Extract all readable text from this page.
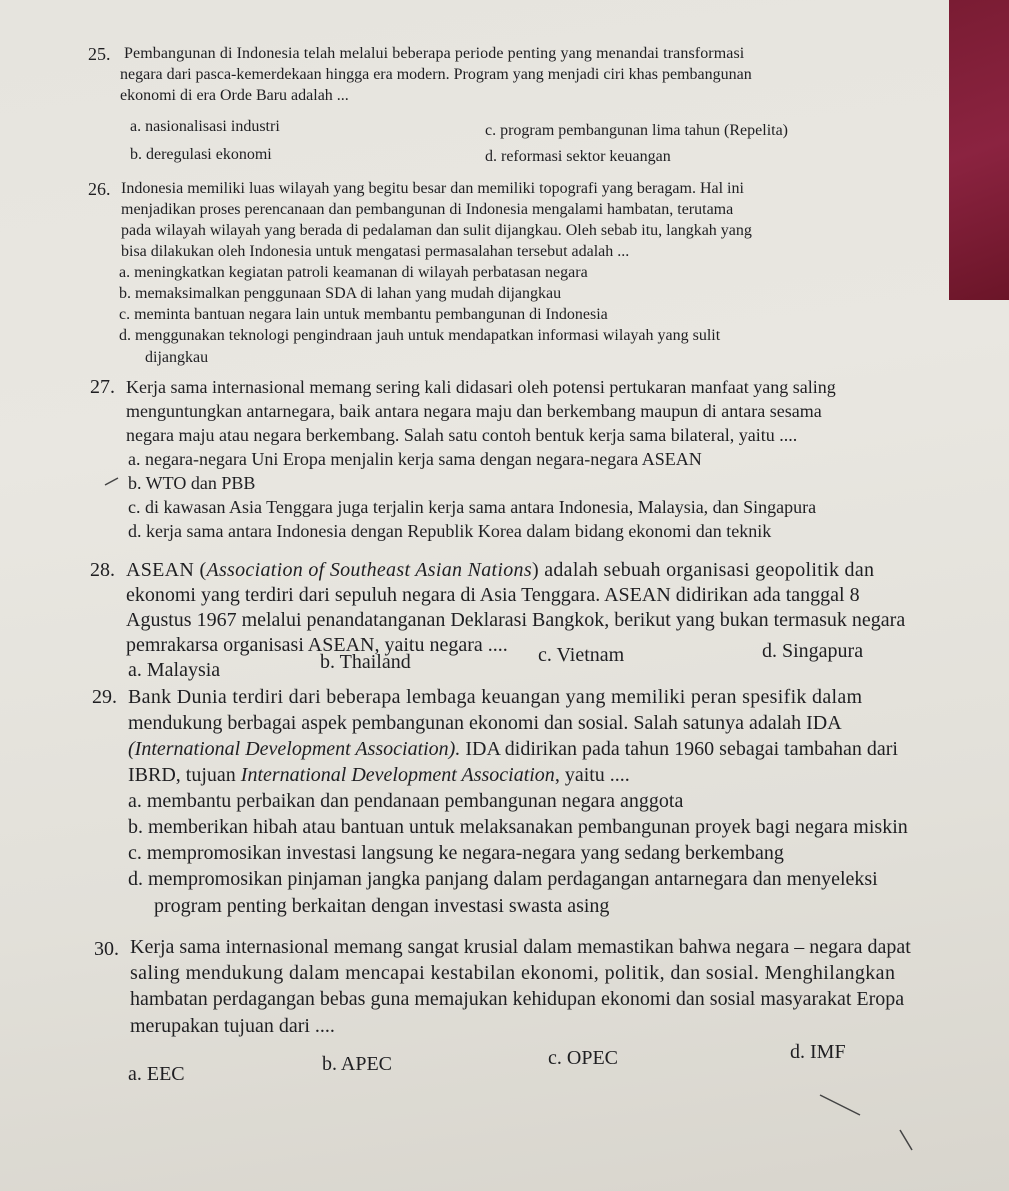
25. Pembangunan di Indonesia telah melalui beberapa periode penting yang menandai transformasi
negara dari pasca-kemerdekaan hingga era modern. Program yang menjadi ciri khas pembangunan
ekonomi di era Orde Baru adalah ...
a. nasionalisasi industri	c. program pembangunan lima tahun (Repelita)
b. deregulasi ekonomi	d. reformasi sektor keuangan
26. Indonesia memiliki luas wilayah yang begitu besar dan memiliki topografi yang beragam. Hal ini
menjadikan proses perencanaan dan pembangunan di Indonesia mengalami hambatan, terutama
pada wilayah wilayah yang berada di pedalaman dan sulit dijangkau. Oleh sebab itu, langkah yang
bisa dilakukan oleh Indonesia untuk mengatasi permasalahan tersebut adalah ...
a. meningkatkan kegiatan patroli keamanan di wilayah perbatasan negara
b. memaksimalkan penggunaan SDA di lahan yang mudah dijangkau
c. meminta bantuan negara lain untuk membantu pembangunan di Indonesia
d. menggunakan teknologi pengindraan jauh untuk mendapatkan informasi wilayah yang sulit
dijangkau
27. Kerja sama internasional memang sering kali didasari oleh potensi pertukaran manfaat yang saling
menguntungkan antarnegara, baik antara negara maju dan berkembang maupun di antara sesama
negara maju atau negara berkembang. Salah satu contoh bentuk kerja sama bilateral, yaitu ....
a. negara-negara Uni Eropa menjalin kerja sama dengan negara-negara ASEAN
b. WTO dan PBB
c. di kawasan Asia Tenggara juga terjalin kerja sama antara Indonesia, Malaysia, dan Singapura
d. kerja sama antara Indonesia dengan Republik Korea dalam bidang ekonomi dan teknik
28. ASEAN (Association of Southeast Asian Nations) adalah sebuah organisasi geopolitik dan
ekonomi yang terdiri dari sepuluh negara di Asia Tenggara. ASEAN didirikan ada tanggal 8
Agustus 1967 melalui penandatanganan Deklarasi Bangkok, berikut yang bukan termasuk negara
pemrakarsa organisasi ASEAN, yaitu negara ....
a. Malaysia	b. Thailand	c. Vietnam	d. Singapura
29. Bank Dunia terdiri dari beberapa lembaga keuangan yang memiliki peran spesifik dalam
mendukung berbagai aspek pembangunan ekonomi dan sosial. Salah satunya adalah IDA
(International Development Association). IDA didirikan pada tahun 1960 sebagai tambahan dari
IBRD, tujuan International Development Association, yaitu ....
a. membantu perbaikan dan pendanaan pembangunan negara anggota
b. memberikan hibah atau bantuan untuk melaksanakan pembangunan proyek bagi negara miskin
c. mempromosikan investasi langsung ke negara-negara yang sedang berkembang
d. mempromosikan pinjaman jangka panjang dalam perdagangan antarnegara dan menyeleksi
program penting berkaitan dengan investasi swasta asing
30. Kerja sama internasional memang sangat krusial dalam memastikan bahwa negara – negara dapat
saling mendukung dalam mencapai kestabilan ekonomi, politik, dan sosial. Menghilangkan
hambatan perdagangan bebas guna memajukan kehidupan ekonomi dan sosial masyarakat Eropa
merupakan tujuan dari ....
a. EEC	b. APEC	c. OPEC	d. IMF
